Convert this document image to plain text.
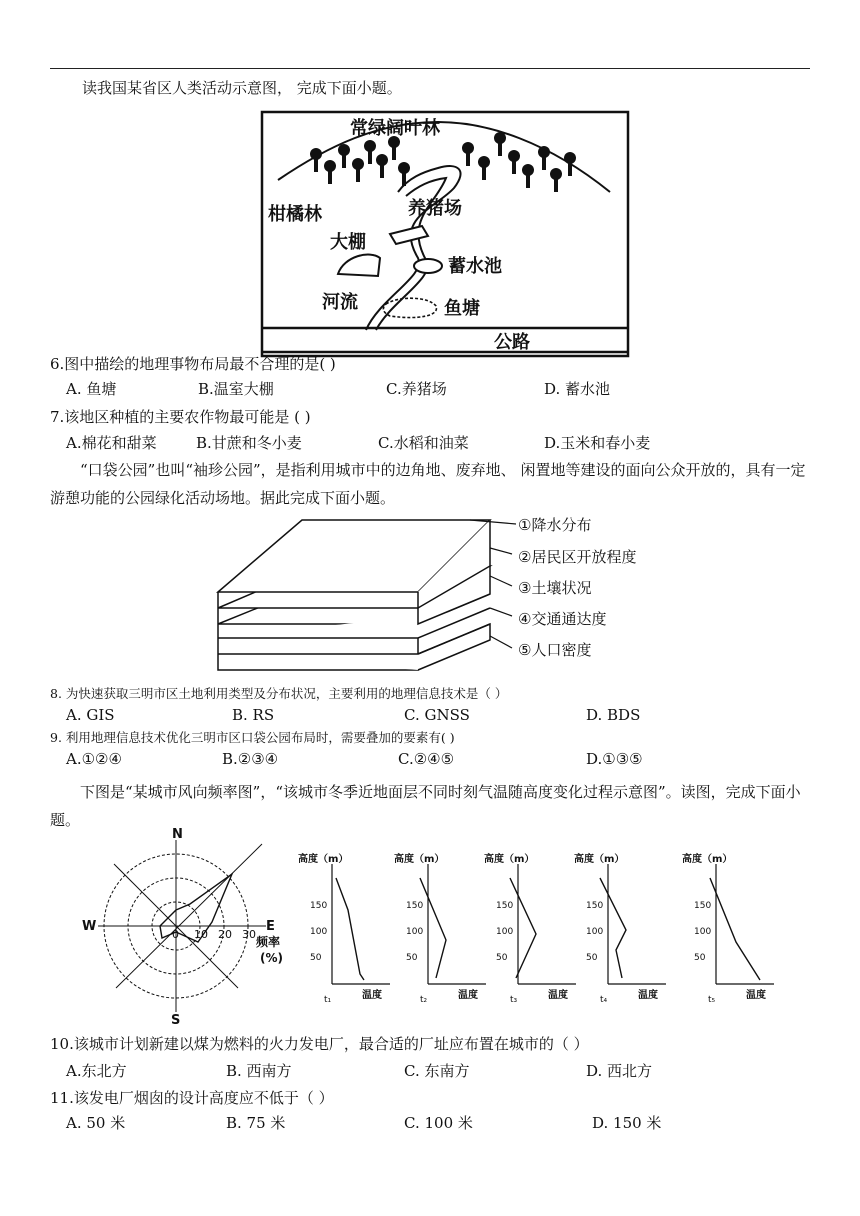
读我国某省区人类活动示意图， 完成下面小题。
常绿阔叶林
柑橘林	养猪场
大棚
蓄水池
河流	鱼塘
公路
6.图中描绘的地理事物布局最不合理的是( )
A. 鱼塘	B.温室大棚	C.养猪场	D. 蓄水池
7.该地区种植的主要农作物最可能是 ( )
A.棉花和甜菜	B.甘蔗和冬小麦	C.水稻和油菜	D.玉米和春小麦
“口袋公园”也叫“袖珍公园”，是指利用城市中的边角地、废弃地、 闲置地等建设的面向公众开放的，具有一定游憩功能的公园绿化活动场地。据此完成下面小题。
①降水分布
②居民区开放程度
③土壤状况
④交通通达度
⑤人口密度
8. 为快速获取三明市区土地利用类型及分布状况，主要利用的地理信息技术是（ ）
A. GIS	B. RS	C. GNSS	D. BDS
9. 利用地理信息技术优化三明市区口袋公园布局时，需要叠加的要素有( )
A.①②④	B.②③④	C.②④⑤	D.①③⑤
下图是“某城市风向频率图”，“该城市冬季近地面层不同时刻气温随高度变化过程示意图”。读图，完成下面小题。
N
S
W	E
0 10 20 30
频率
(%)
高度（m）
150
100
50
t₁	温度
高度（m）
150
100
50
t₂	温度
高度（m）
150
100
50
t₃	温度
高度（m）
150
100
50
t₄	温度
高度（m）
150
100
50
t₅	温度
10.该城市计划新建以煤为燃料的火力发电厂，最合适的厂址应布置在城市的（ ）
A.东北方	B. 西南方	C. 东南方	D. 西北方
11.该发电厂烟囱的设计高度应不低于（ ）
A. 50 米	B. 75 米	C. 100 米	D. 150 米
